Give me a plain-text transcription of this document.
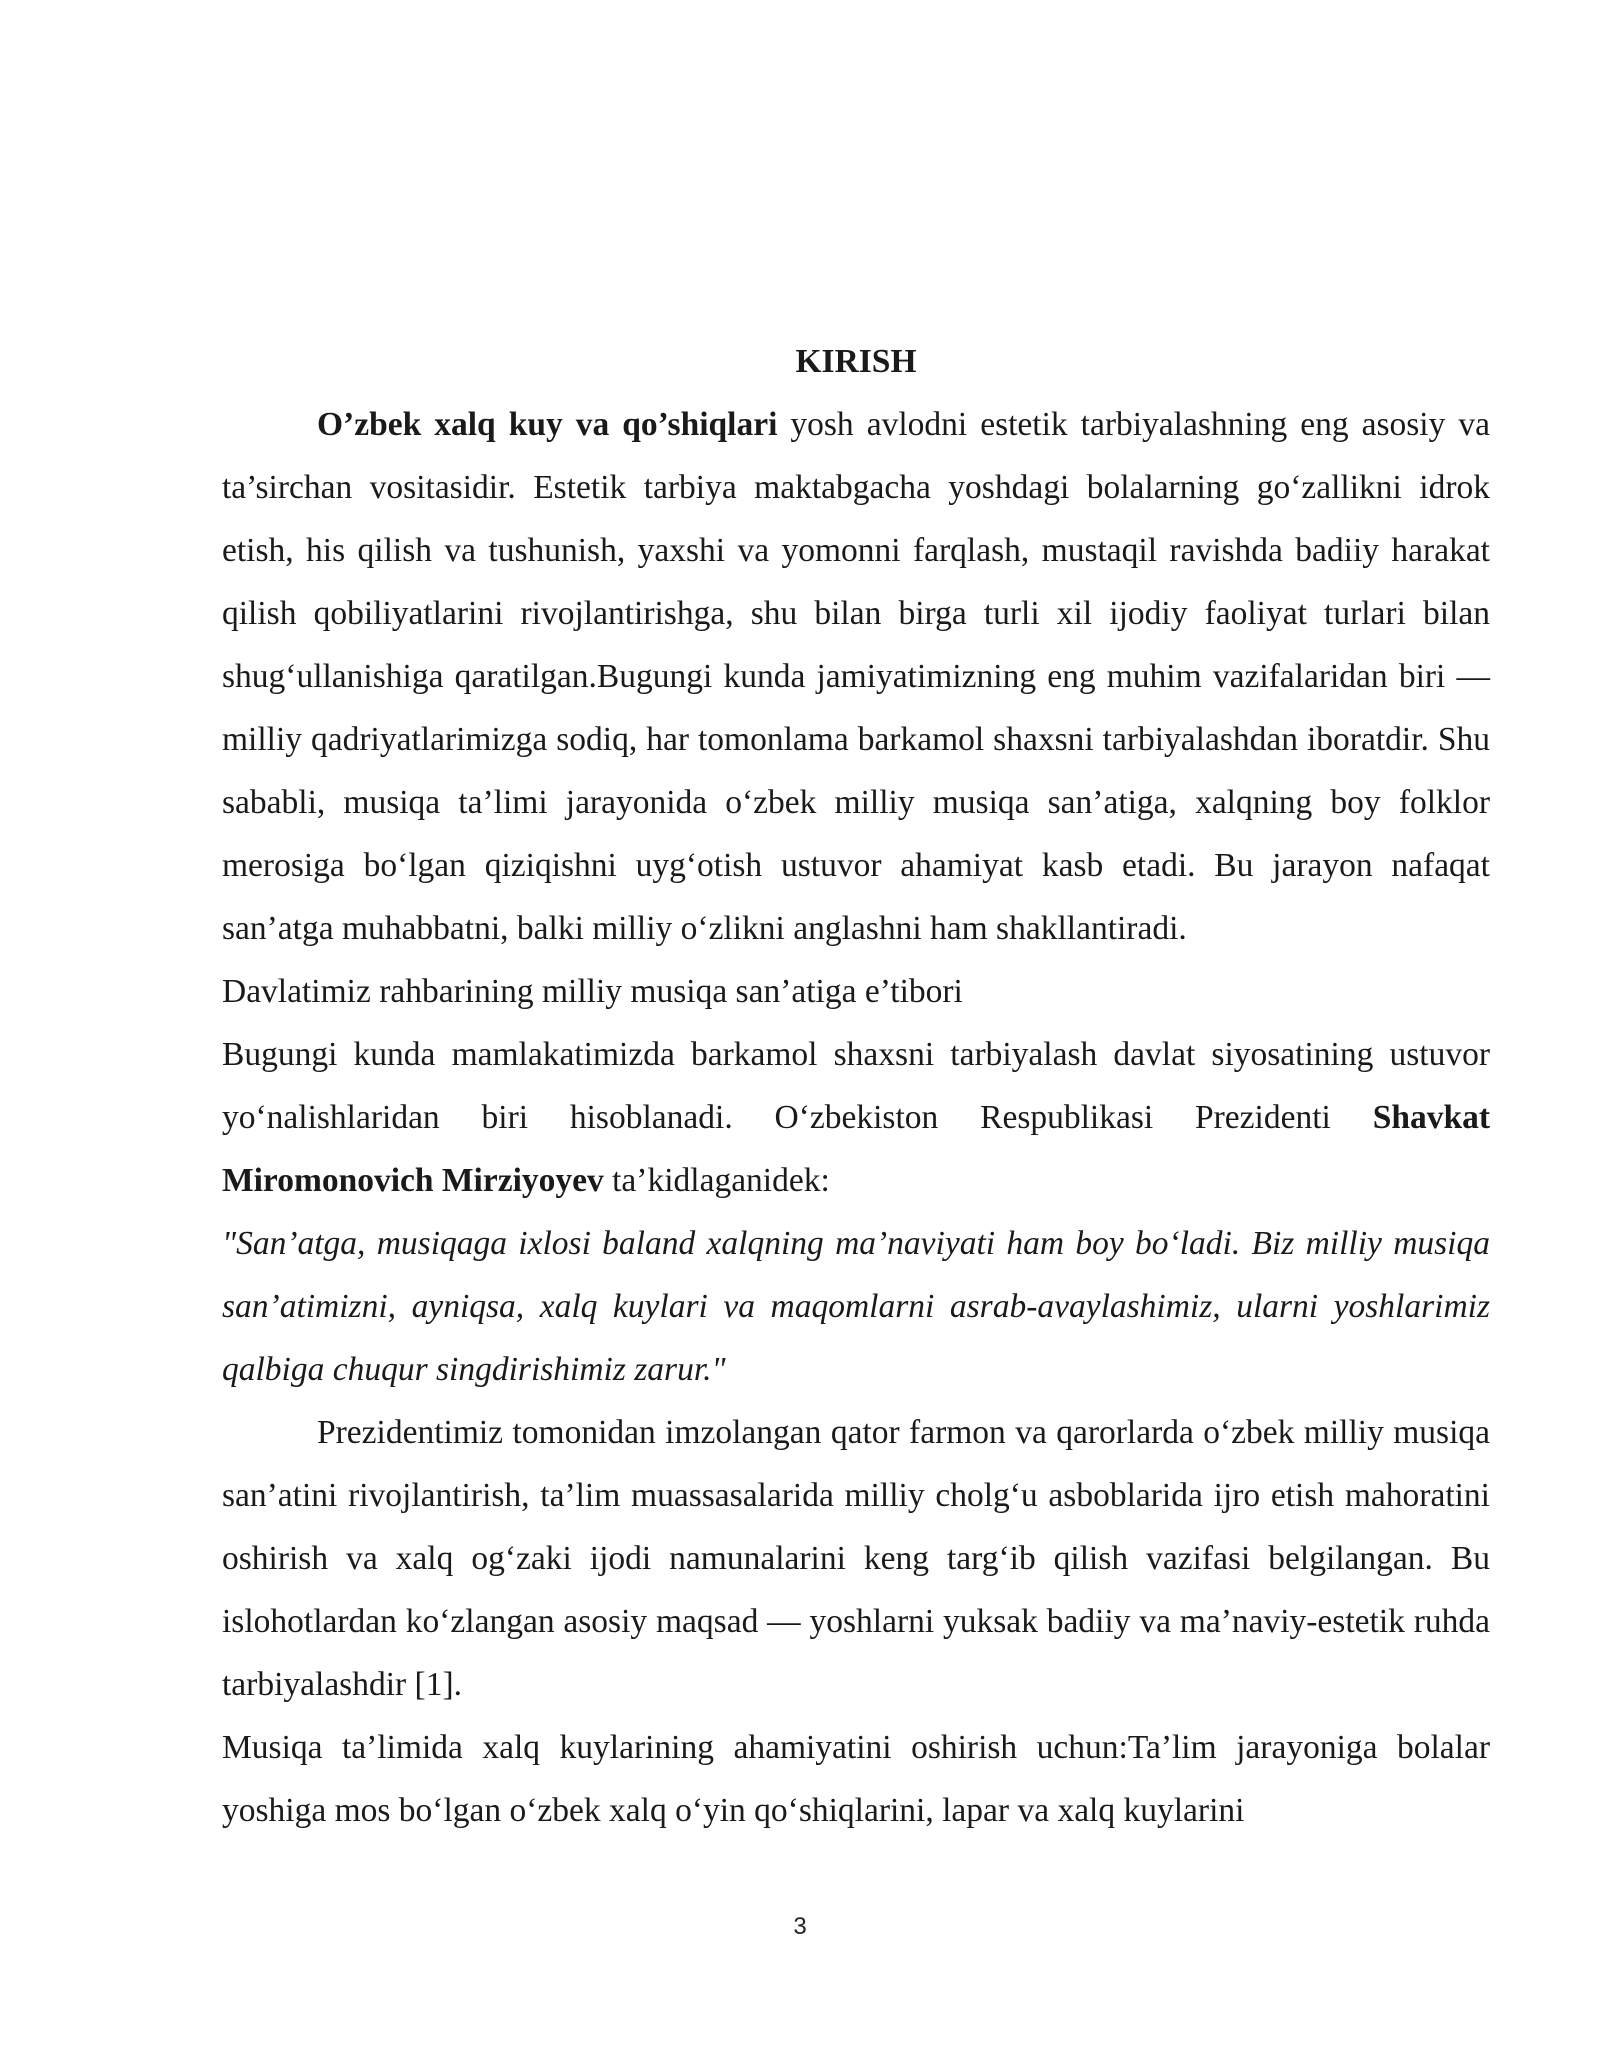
KIRISH

O’zbek xalq kuy va qo’shiqlari yosh avlodni estetik tarbiyalashning eng asosiy va ta’sirchan vositasidir. Estetik tarbiya maktabgacha yoshdagi bolalarning go‘zallikni idrok etish, his qilish va tushunish, yaxshi va yomonni farqlash, mustaqil ravishda badiiy harakat qilish qobiliyatlarini rivojlantirishga, shu bilan birga turli xil ijodiy faoliyat turlari bilan shug‘ullanishiga qaratilgan.Bugungi kunda jamiyatimizning eng muhim vazifalaridan biri — milliy qadriyatlarimizga sodiq, har tomonlama barkamol shaxsni tarbiyalashdan iboratdir. Shu sababli, musiqa ta’limi jarayonida o‘zbek milliy musiqa san’atiga, xalqning boy folklor merosiga bo‘lgan qiziqishni uyg‘otish ustuvor ahamiyat kasb etadi. Bu jarayon nafaqat san’atga muhabbatni, balki milliy o‘zlikni anglashni ham shakllantiradi.

Davlatimiz rahbarining milliy musiqa san’atiga e’tibori

Bugungi kunda mamlakatimizda barkamol shaxsni tarbiyalash davlat siyosatining ustuvor yo‘nalishlaridan biri hisoblanadi. O‘zbekiston Respublikasi Prezidenti Shavkat Miromonovich Mirziyoyev ta’kidlaganidek:

"San’atga, musiqaga ixlosi baland xalqning ma’naviyati ham boy bo‘ladi. Biz milliy musiqa san’atimizni, ayniqsa, xalq kuylari va maqomlarni asrab-avaylashimiz, ularni yoshlarimiz qalbiga chuqur singdirishimiz zarur."

Prezidentimiz tomonidan imzolangan qator farmon va qarorlarda o‘zbek milliy musiqa san’atini rivojlantirish, ta’lim muassasalarida milliy cholg‘u asboblarida ijro etish mahoratini oshirish va xalq og‘zaki ijodi namunalarini keng targ‘ib qilish vazifasi belgilangan. Bu islohotlardan ko‘zlangan asosiy maqsad — yoshlarni yuksak badiiy va ma’naviy-estetik ruhda tarbiyalashdir [1].

Musiqa ta’limida xalq kuylarining ahamiyatini oshirish uchun:Ta’lim jarayoniga bolalar yoshiga mos bo‘lgan o‘zbek xalq o‘yin qo‘shiqlarini, lapar va xalq kuylarini

3
